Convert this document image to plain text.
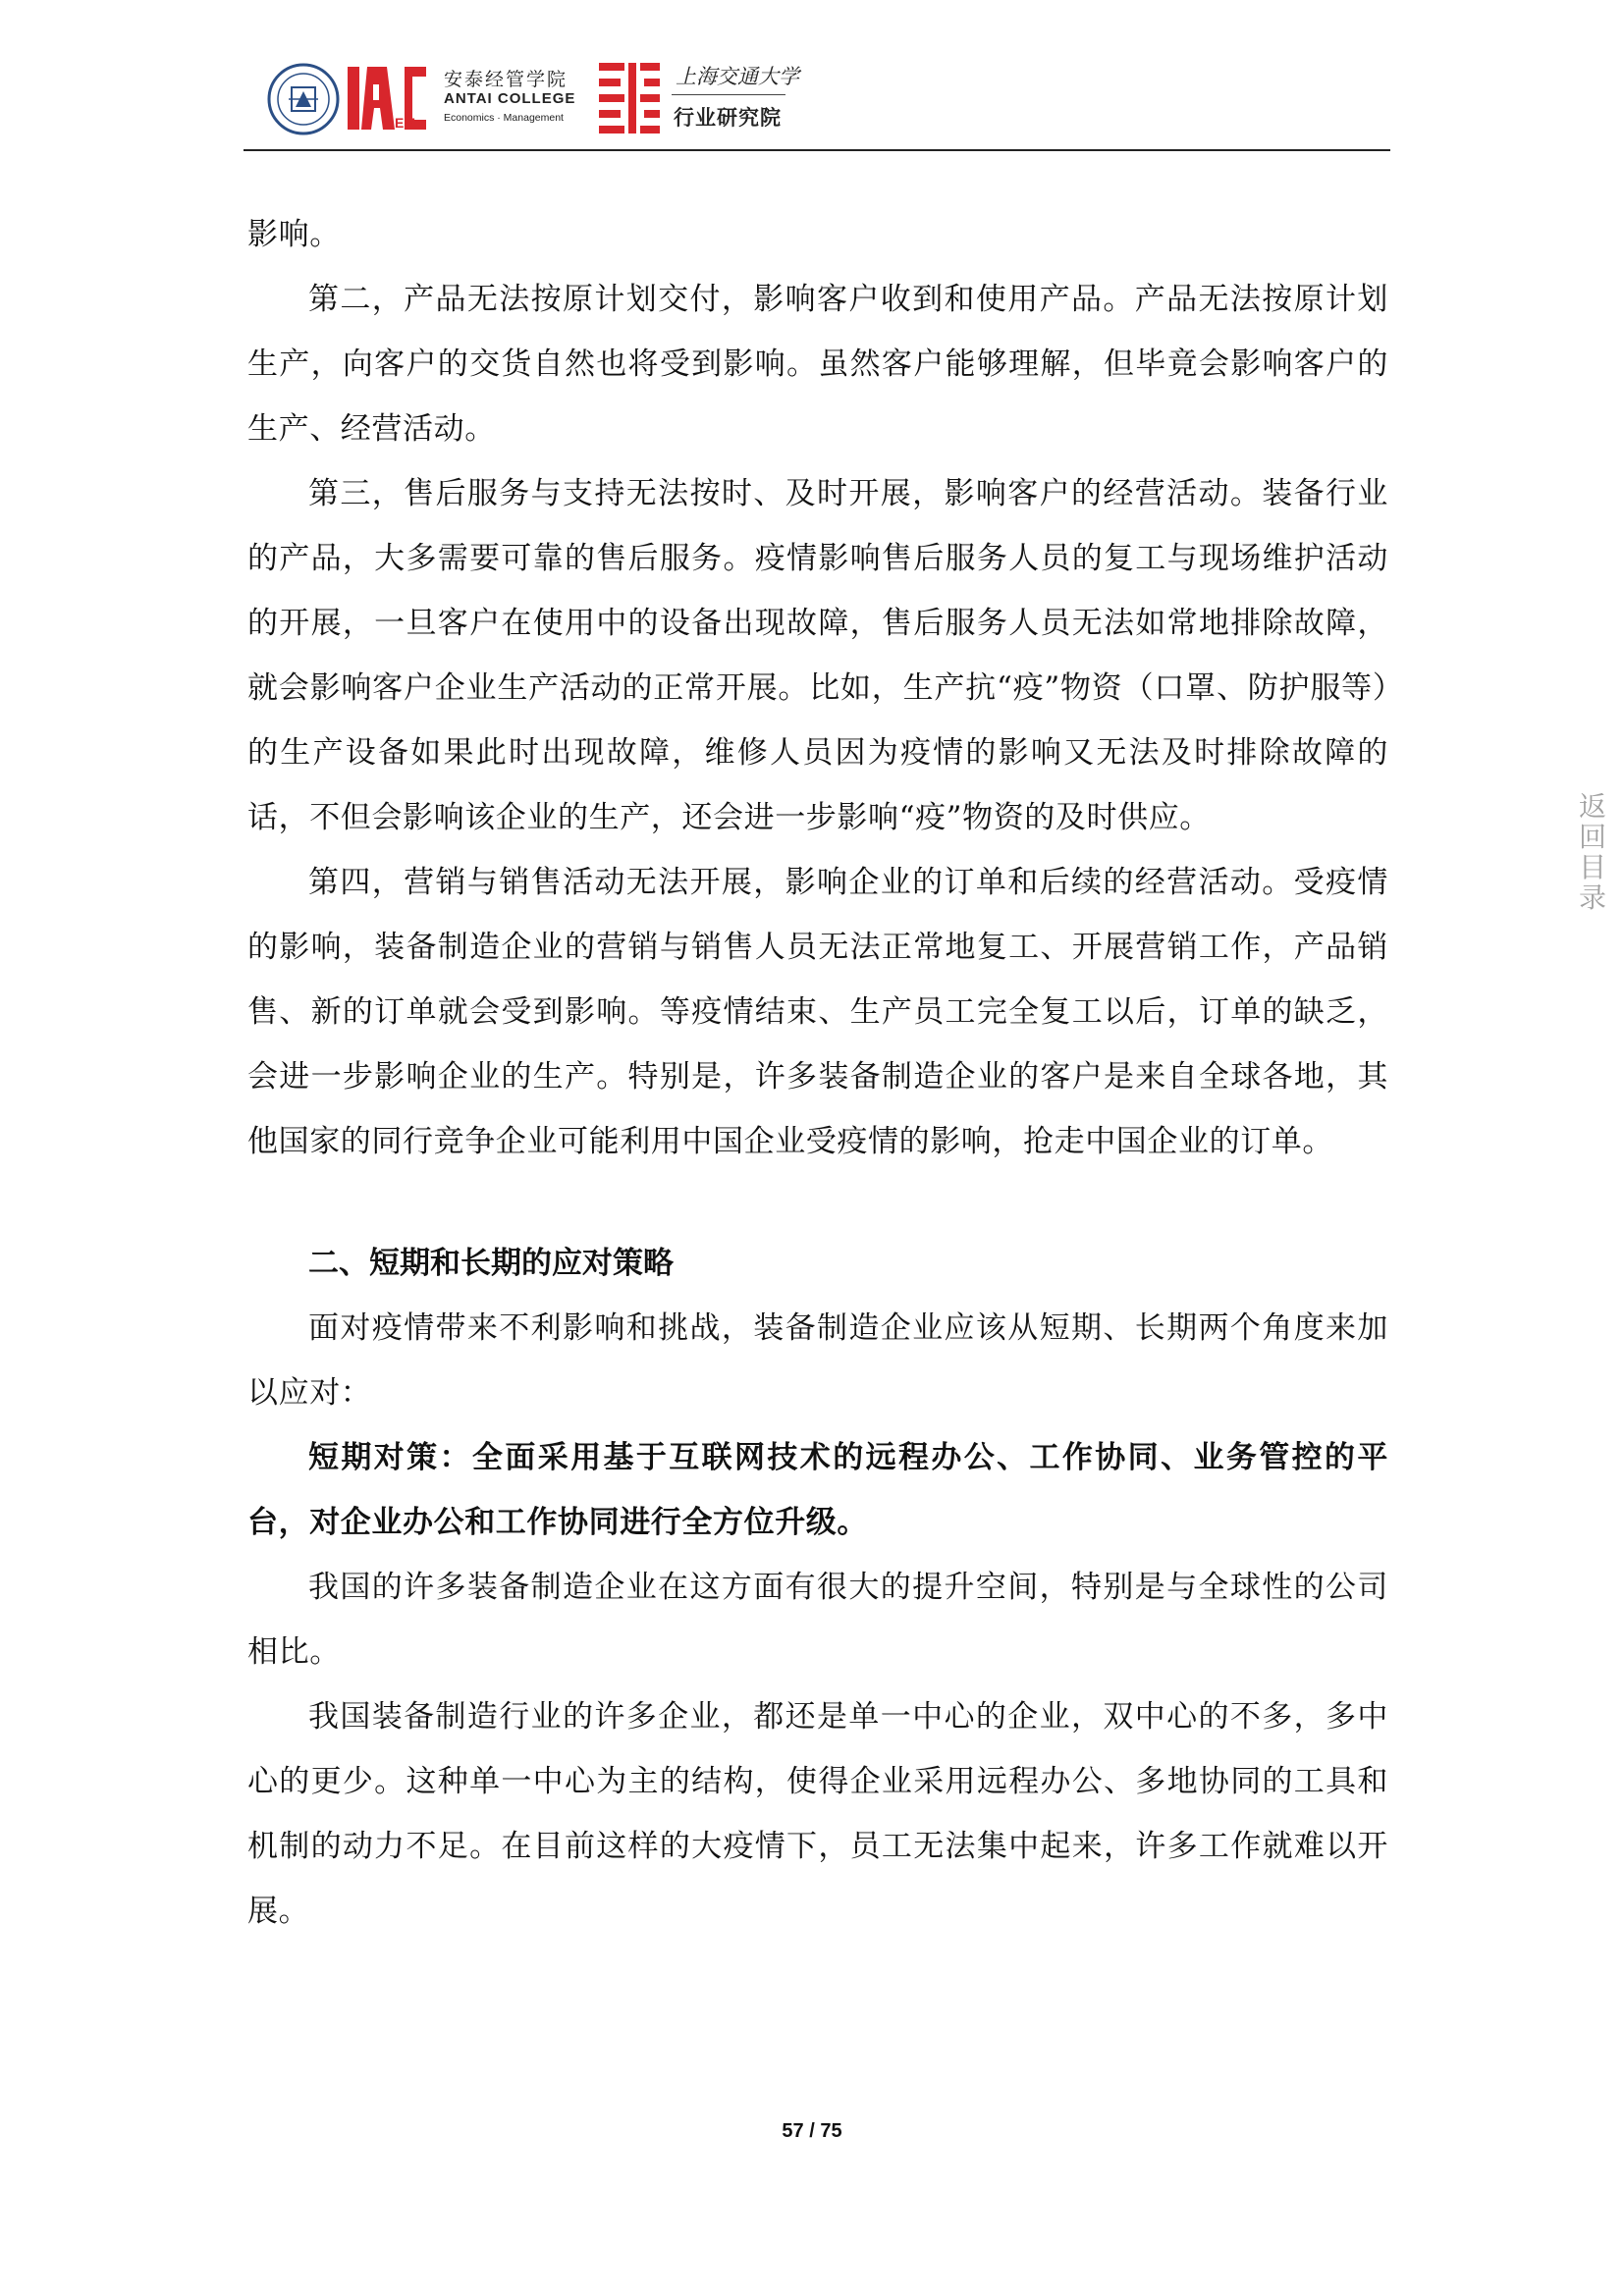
EM
安泰经管学院
ANTAI COLLEGE
Economics · Management
上海交通大学
行业研究院

影响。

第二，产品无法按原计划交付，影响客户收到和使用产品。产品无法按原计划生产，向客户的交货自然也将受到影响。虽然客户能够理解，但毕竟会影响客户的生产、经营活动。

第三，售后服务与支持无法按时、及时开展，影响客户的经营活动。装备行业的产品，大多需要可靠的售后服务。疫情影响售后服务人员的复工与现场维护活动的开展，一旦客户在使用中的设备出现故障，售后服务人员无法如常地排除故障，就会影响客户企业生产活动的正常开展。比如，生产抗“疫”物资（口罩、防护服等）的生产设备如果此时出现故障，维修人员因为疫情的影响又无法及时排除故障的话，不但会影响该企业的生产，还会进一步影响“疫”物资的及时供应。

第四，营销与销售活动无法开展，影响企业的订单和后续的经营活动。受疫情的影响，装备制造企业的营销与销售人员无法正常地复工、开展营销工作，产品销售、新的订单就会受到影响。等疫情结束、生产员工完全复工以后，订单的缺乏，会进一步影响企业的生产。特别是，许多装备制造企业的客户是来自全球各地，其他国家的同行竞争企业可能利用中国企业受疫情的影响，抢走中国企业的订单。

二、短期和长期的应对策略

面对疫情带来不利影响和挑战，装备制造企业应该从短期、长期两个角度来加以应对：

短期对策：全面采用基于互联网技术的远程办公、工作协同、业务管控的平台，对企业办公和工作协同进行全方位升级。

我国的许多装备制造企业在这方面有很大的提升空间，特别是与全球性的公司相比。

我国装备制造行业的许多企业，都还是单一中心的企业，双中心的不多，多中心的更少。这种单一中心为主的结构，使得企业采用远程办公、多地协同的工具和机制的动力不足。在目前这样的大疫情下，员工无法集中起来，许多工作就难以开展。

返回目录
57 / 75
